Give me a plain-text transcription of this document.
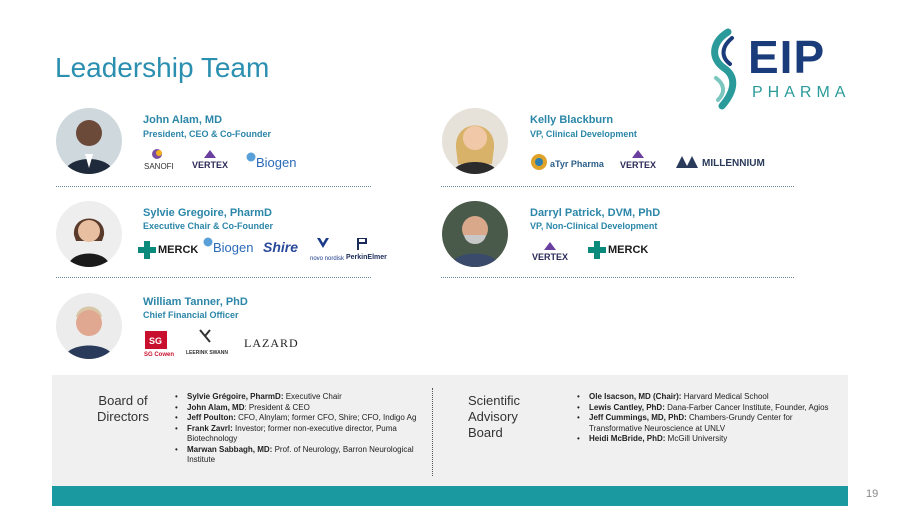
Leadership Team	EIP
PHARMA
John Alam, MD
President, CEO & Co-Founder
SANOFI VERTEX Biogen
Kelly Blackburn
VP, Clinical Development
aTyr Pharma VERTEX	MILLENNIUM
Sylvie Gregoire, PharmD
Executive Chair & Co-Founder
MERCK Biogen Shire
novo nordisk PerkinElmer
Darryl Patrick, DVM, PhD
VP, Non-Clinical Development
VERTEX
MERCK
William Tanner, PhD
Chief Financial Officer
SG
SG Cowen LEERINK SWANN
LAZARD
Board of
Directors
• Sylvie Grégoire, PharmD: Executive Chair
• John Alam, MD: President & CEO
• Jeff Poulton: CFO, Alnylam; former CFO, Shire; CFO, Indigo Ag
• Frank Zavrl: Investor; former non-executive director, Puma Biotechnology
• Marwan Sabbagh, MD: Prof. of Neurology, Barron Neurological Institute
Scientific
Advisory
Board
• Ole Isacson, MD (Chair): Harvard Medical School
• Lewis Cantley, PhD: Dana-Farber Cancer Institute, Founder, Agios
• Jeff Cummings, MD, PhD: Chambers-Grundy Center for Transformative Neuroscience at UNLV
• Heidi McBride, PhD: McGill University
19
